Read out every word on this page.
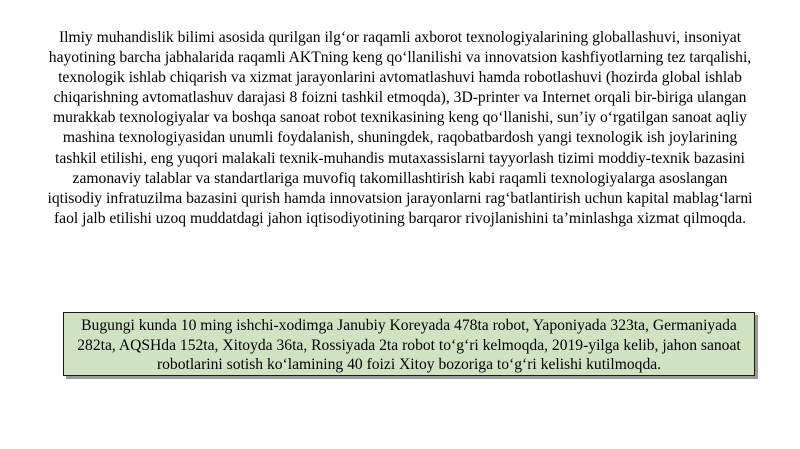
Ilmiy muhandislik bilimi asosida qurilgan ilg‘or raqamli axborot texnologiyalarining globallashuvi, insoniyat hayotining barcha jabhalarida raqamli AKTning keng qo‘llanilishi va innovatsion kashfiyotlarning tez tarqalishi, texnologik ishlab chiqarish va xizmat jarayonlarini avtomatlashuvi hamda robotlashuvi (hozirda global ishlab chiqarishning avtomatlashuv darajasi 8 foizni tashkil etmoqda), 3D-printer va Internet orqali bir-biriga ulangan murakkab texnologiyalar va boshqa sanoat robot texnikasining keng qo‘llanishi, sun’iy o‘rgatilgan sanoat aqliy mashina texnologiyasidan unumli foydalanish, shuningdek, raqobatbardosh yangi texnologik ish joylarining tashkil etilishi, eng yuqori malakali texnik-muhandis mutaxassislarni tayyorlash tizimi moddiy-texnik bazasini zamonaviy talablar va standartlariga muvofiq takomillashtirish kabi raqamli texnologiyalarga asoslangan iqtisodiy infratuzilma bazasini qurish hamda innovatsion jarayonlarni rag‘batlantirish uchun kapital mablag‘larni faol jalb etilishi uzoq muddatdagi jahon iqtisodiyotining barqaror rivojlanishini ta’minlashga xizmat qilmoqda.

Bugungi kunda 10 ming ishchi-xodimga Janubiy Koreyada 478ta robot, Yaponiyada 323ta, Germaniyada 282ta, AQSHda 152ta, Xitoyda 36ta, Rossiyada 2ta robot to‘g‘ri kelmoqda, 2019-yilga kelib, jahon sanoat robotlarini sotish ko‘lamining 40 foizi Xitoy bozoriga to‘g‘ri kelishi kutilmoqda.
